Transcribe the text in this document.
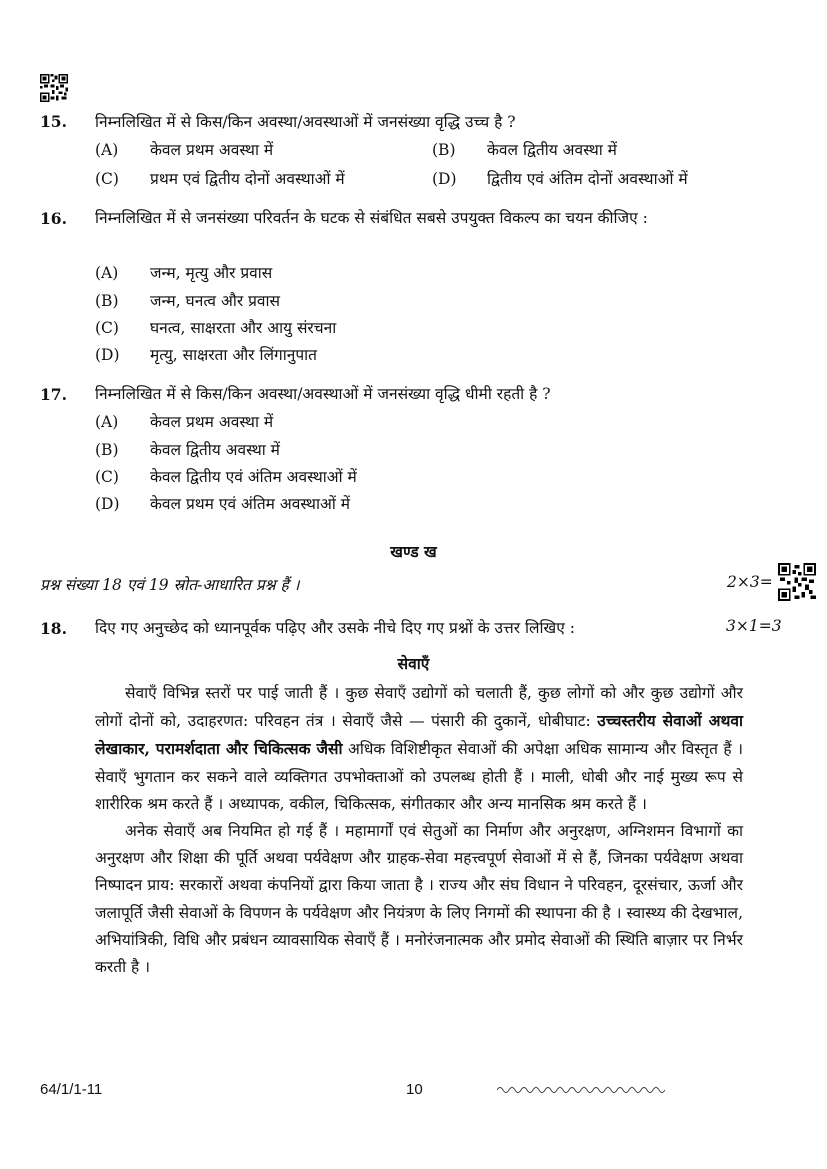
15. निम्नलिखित में से किस/किन अवस्था/अवस्थाओं में जनसंख्या वृद्धि उच्च है ?
(A) केवल प्रथम अवस्था में	(B) केवल द्वितीय अवस्था में
(C) प्रथम एवं द्वितीय दोनों अवस्थाओं में	(D) द्वितीय एवं अंतिम दोनों अवस्थाओं में
16. निम्नलिखित में से जनसंख्या परिवर्तन के घटक से संबंधित सबसे उपयुक्त विकल्प का चयन कीजिए :
(A) जन्म, मृत्यु और प्रवास
(B) जन्म, घनत्व और प्रवास
(C) घनत्व, साक्षरता और आयु संरचना
(D) मृत्यु, साक्षरता और लिंगानुपात
17. निम्नलिखित में से किस/किन अवस्था/अवस्थाओं में जनसंख्या वृद्धि धीमी रहती है ?
(A) केवल प्रथम अवस्था में
(B) केवल द्वितीय अवस्था में
(C) केवल द्वितीय एवं अंतिम अवस्थाओं में
(D) केवल प्रथम एवं अंतिम अवस्थाओं में
खण्ड ख
प्रश्न संख्या 18 एवं 19 स्रोत-आधारित प्रश्न हैं ।	2×3=
18. दिए गए अनुच्छेद को ध्यानपूर्वक पढ़िए और उसके नीचे दिए गए प्रश्नों के उत्तर लिखिए :	3×1=3
सेवाएँ

सेवाएँ विभिन्न स्तरों पर पाई जाती हैं । कुछ सेवाएँ उद्योगों को चलाती हैं, कुछ लोगों को और कुछ उद्योगों और लोगों दोनों को, उदाहरणत: परिवहन तंत्र । सेवाएँ जैसे — पंसारी की दुकानें, धोबीघाट: उच्चस्तरीय सेवाओं अथवा लेखाकार, परामर्शदाता और चिकित्सक जैसी अधिक विशिष्टीकृत सेवाओं की अपेक्षा अधिक सामान्य और विस्तृत हैं । सेवाएँ भुगतान कर सकने वाले व्यक्तिगत उपभोक्ताओं को उपलब्ध होती हैं । माली, धोबी और नाई मुख्य रूप से शारीरिक श्रम करते हैं । अध्यापक, वकील, चिकित्सक, संगीतकार और अन्य मानसिक श्रम करते हैं ।

अनेक सेवाएँ अब नियमित हो गई हैं । महामार्गों एवं सेतुओं का निर्माण और अनुरक्षण, अग्निशमन विभागों का अनुरक्षण और शिक्षा की पूर्ति अथवा पर्यवेक्षण और ग्राहक-सेवा महत्त्वपूर्ण सेवाओं में से हैं, जिनका पर्यवेक्षण अथवा निष्पादन प्राय: सरकारों अथवा कंपनियों द्वारा किया जाता है । राज्य और संघ विधान ने परिवहन, दूरसंचार, ऊर्जा और जलापूर्ति जैसी सेवाओं के विपणन के पर्यवेक्षण और नियंत्रण के लिए निगमों की स्थापना की है । स्वास्थ्य की देखभाल, अभियांत्रिकी, विधि और प्रबंधन व्यावसायिक सेवाएँ हैं । मनोरंजनात्मक और प्रमोद सेवाओं की स्थिति बाज़ार पर निर्भर करती है ।

64/1/1-11	10
